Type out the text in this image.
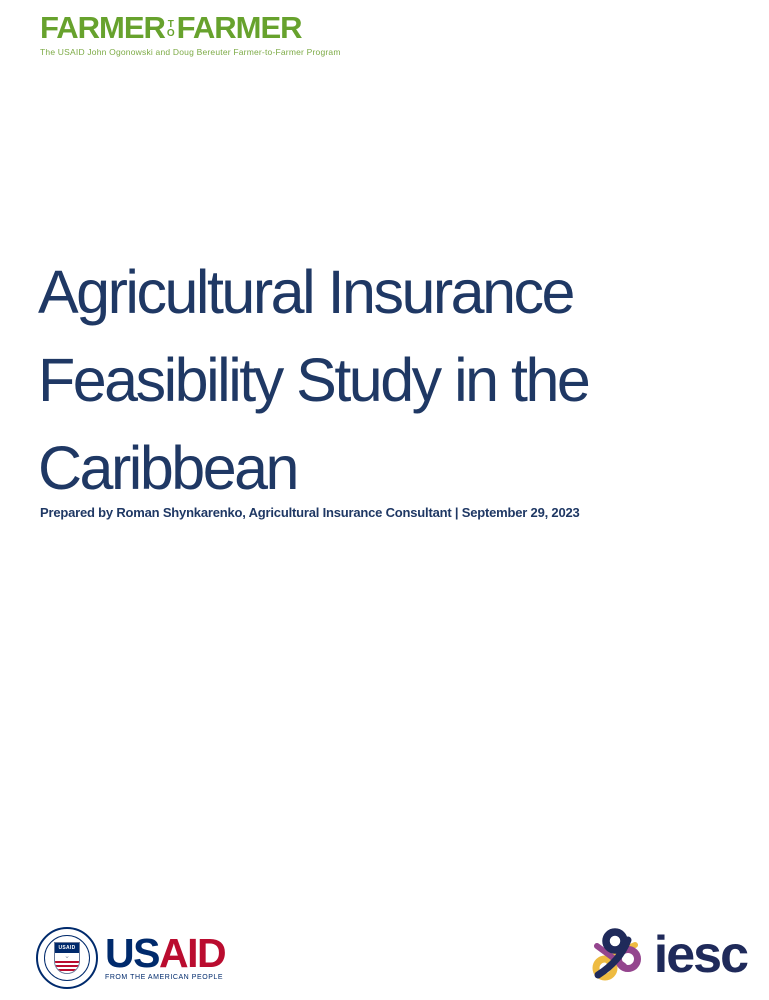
FARMER T
O FARMER
The USAID John Ogonowski and Doug Bereuter Farmer-to-Farmer Program
Agricultural Insurance
Feasibility Study in the
Caribbean
Prepared by Roman Shynkarenko, Agricultural Insurance Consultant | September 29, 2023
USAID
⌄ USAID
FROM THE AMERICAN PEOPLE	iesc
